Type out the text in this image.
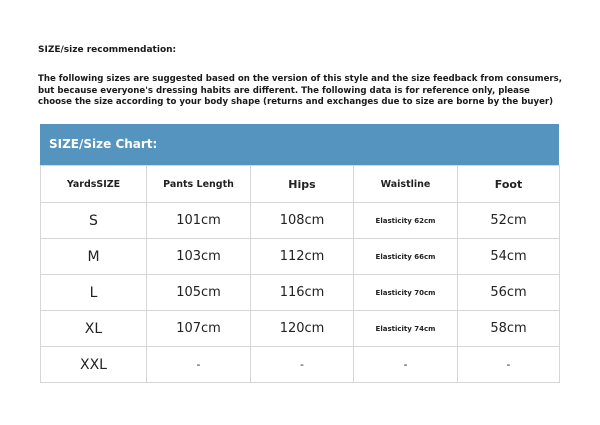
SIZE/size recommendation:
The following sizes are suggested based on the version of this style and the size feedback from consumers,
but because everyone's dressing habits are different. The following data is for reference only, please
choose the size according to your body shape (returns and exchanges due to size are borne by the buyer)
SIZE/Size Chart:
YardsSIZE	Pants Length	Hips	Waistline	Foot
S	101cm	108cm	Elasticity 62cm	52cm
M	103cm	112cm	Elasticity 66cm	54cm
L	105cm	116cm	Elasticity 70cm	56cm
XL	107cm	120cm	Elasticity 74cm	58cm
XXL	-	-	-	-
